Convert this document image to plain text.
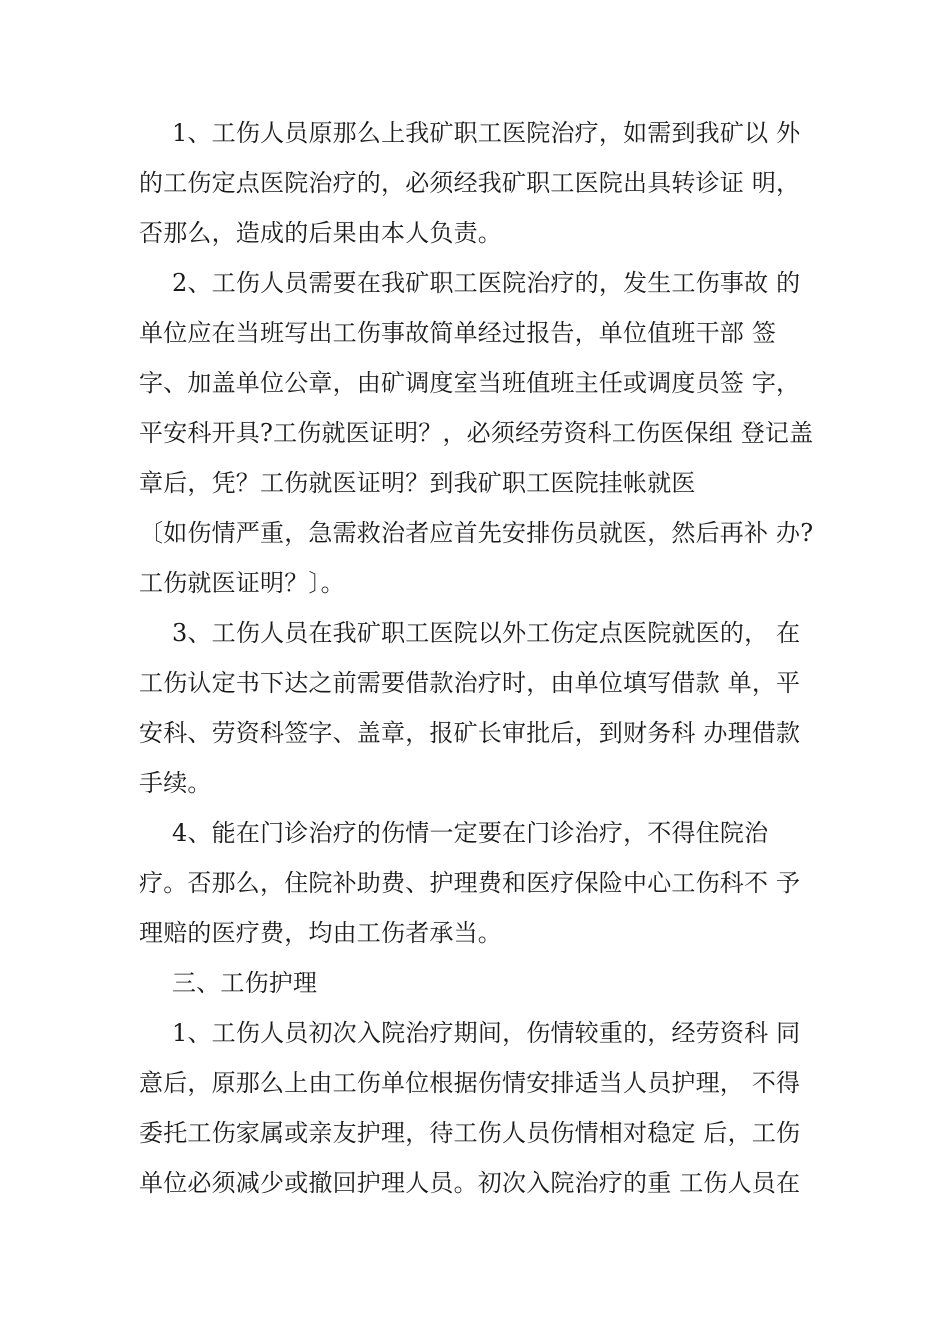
1、工伤人员原那么上我矿职工医院治疗，如需到我矿以 外
的工伤定点医院治疗的，必须经我矿职工医院出具转诊证 明，
否那么，造成的后果由本人负责。
2、工伤人员需要在我矿职工医院治疗的，发生工伤事故 的
单位应在当班写出工伤事故简单经过报告，单位值班干部 签
字、加盖单位公章，由矿调度室当班值班主任或调度员签 字，
平安科开具?工伤就医证明？，必须经劳资科工伤医保组 登记盖
章后，凭？工伤就医证明？到我矿职工医院挂帐就医
〔如伤情严重，急需救治者应首先安排伤员就医，然后再补 办?
工伤就医证明？〕。
3、工伤人员在我矿职工医院以外工伤定点医院就医的， 在
工伤认定书下达之前需要借款治疗时，由单位填写借款 单，平
安科、劳资科签字、盖章，报矿长审批后，到财务科 办理借款
手续。
4、能在门诊治疗的伤情一定要在门诊治疗，不得住院治
疗。否那么，住院补助费、护理费和医疗保险中心工伤科不 予
理赔的医疗费，均由工伤者承当。
三、工伤护理
1、工伤人员初次入院治疗期间，伤情较重的，经劳资科 同
意后，原那么上由工伤单位根据伤情安排适当人员护理， 不得
委托工伤家属或亲友护理，待工伤人员伤情相对稳定 后，工伤
单位必须减少或撤回护理人员。初次入院治疗的重 工伤人员在
